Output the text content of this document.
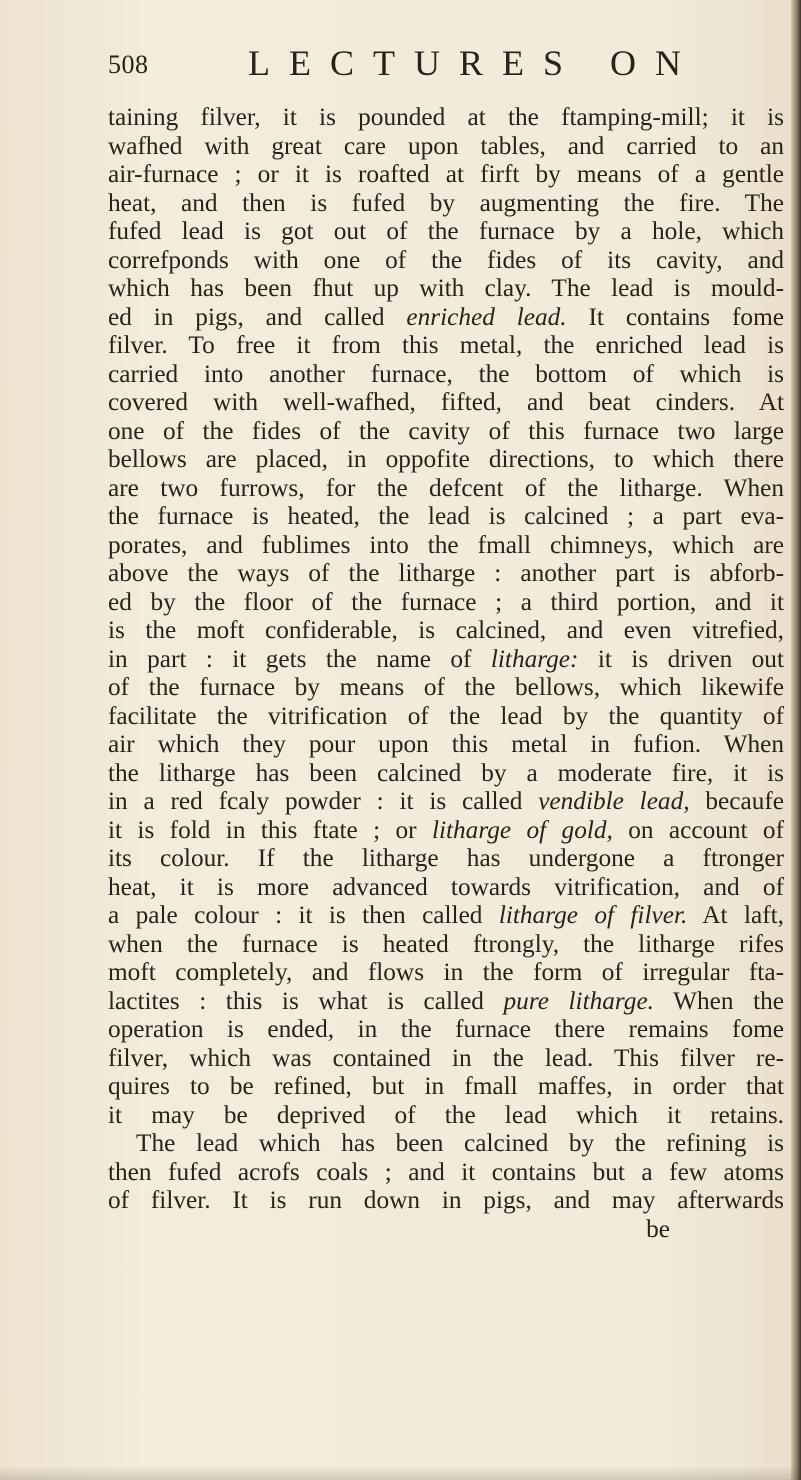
508	LECTURES ON
taining filver, it is pounded at the ftamping-mill; it is
wafhed with great care upon tables, and carried to an
air-furnace ; or it is roafted at firft by means of a gentle
heat, and then is fufed by augmenting the fire. The
fufed lead is got out of the furnace by a hole, which
correfponds with one of the fides of its cavity, and
which has been fhut up with clay. The lead is mould-
ed in pigs, and called enriched lead. It contains fome
filver. To free it from this metal, the enriched lead is
carried into another furnace, the bottom of which is
covered with well-wafhed, fifted, and beat cinders. At
one of the fides of the cavity of this furnace two large
bellows are placed, in oppofite directions, to which there
are two furrows, for the defcent of the litharge. When
the furnace is heated, the lead is calcined ; a part eva-
porates, and fublimes into the fmall chimneys, which are
above the ways of the litharge : another part is abforb-
ed by the floor of the furnace ; a third portion, and it
is the moft confiderable, is calcined, and even vitrefied,
in part : it gets the name of litharge: it is driven out
of the furnace by means of the bellows, which likewife
facilitate the vitrification of the lead by the quantity of
air which they pour upon this metal in fufion. When
the litharge has been calcined by a moderate fire, it is
in a red fcaly powder : it is called vendible lead, becaufe
it is fold in this ftate ; or litharge of gold, on account of
its colour. If the litharge has undergone a ftronger
heat, it is more advanced towards vitrification, and of
a pale colour : it is then called litharge of filver. At laft,
when the furnace is heated ftrongly, the litharge rifes
moft completely, and flows in the form of irregular fta-
lactites : this is what is called pure litharge. When the
operation is ended, in the furnace there remains fome
filver, which was contained in the lead. This filver re-
quires to be refined, but in fmall maffes, in order that
it may be deprived of the lead which it retains.
The lead which has been calcined by the refining is
then fufed acrofs coals ; and it contains but a few atoms
of filver. It is run down in pigs, and may afterwards
be
